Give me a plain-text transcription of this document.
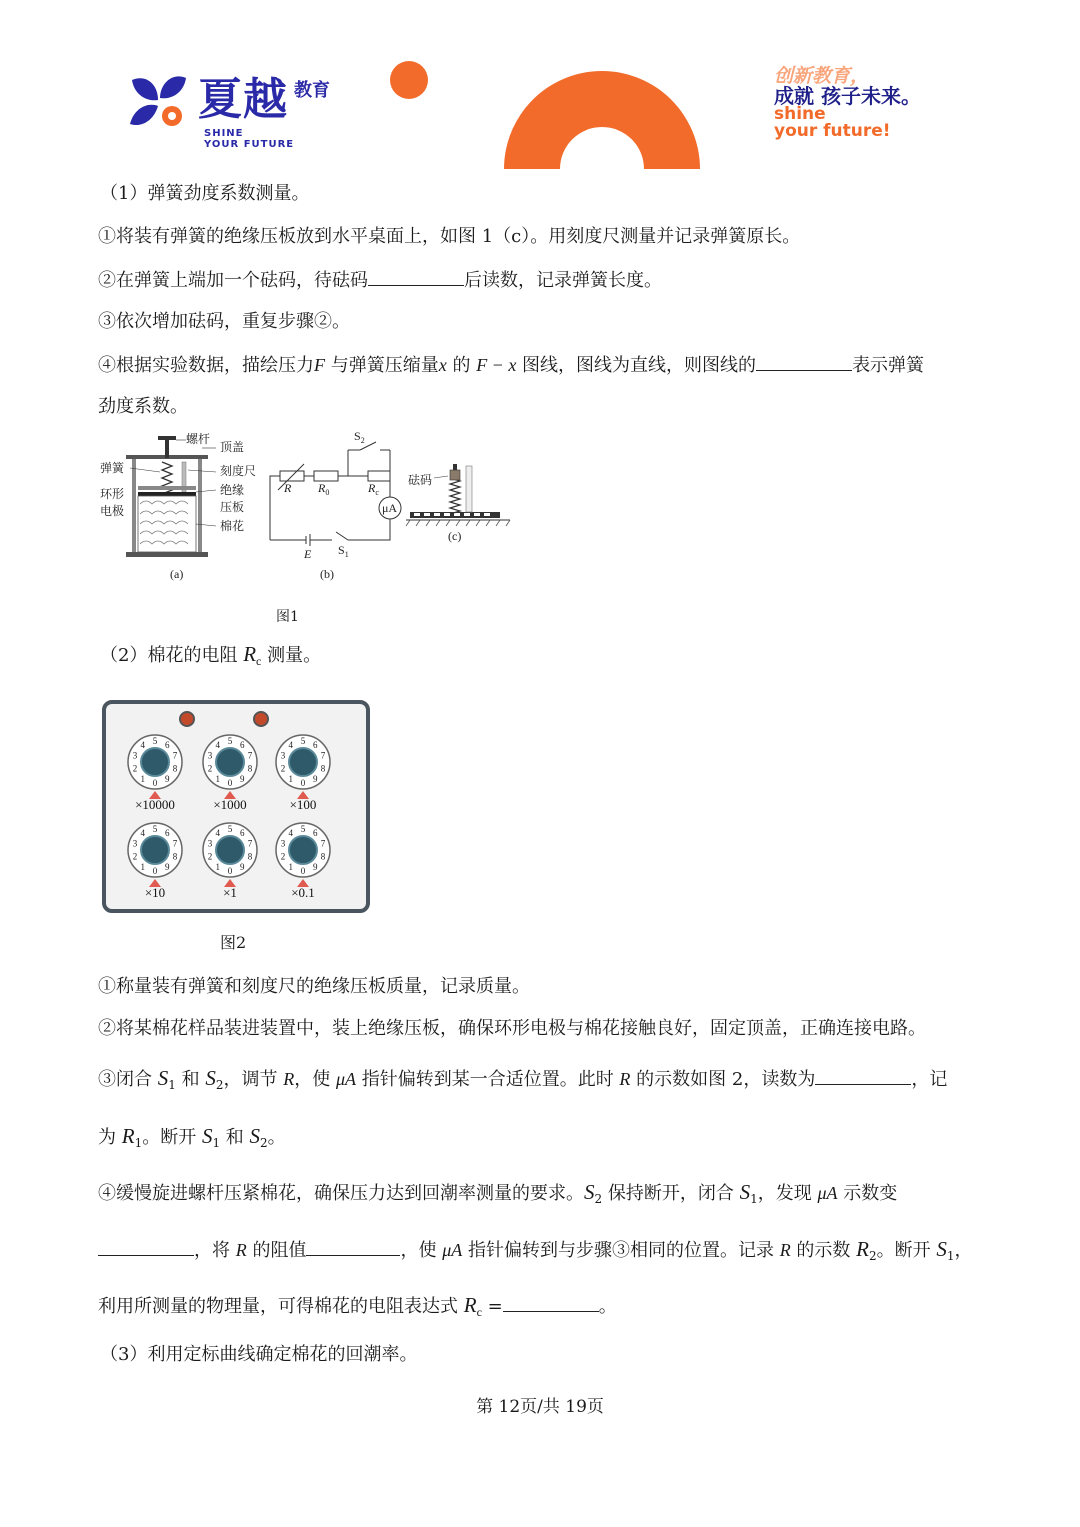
夏越 教育
SHINE
YOUR FUTURE
创新教育，
成就 孩子未来。
shine
your future!
（1）弹簧劲度系数测量。
①将装有弹簧的绝缘压板放到水平桌面上，如图 1（c）。用刻度尺测量并记录弹簧原长。
②在弹簧上端加一个砝码，待砝码	后读数，记录弹簧长度。
③依次增加砝码，重复步骤②。
④根据实验数据，描绘压力F 与弹簧压缩量x 的 F − x 图线，图线为直线，则图线的	表示弹簧
劲度系数。
螺杆
顶盖
弹簧	刻度尺
环形
电极
绝缘
压板
棉花
(a)
$S_2$
R $R_0$	$R_c$
μA
E $S_1$
(b)
砝码
(c)
图1
（2）棉花的电阻 $R_c$ 测量。
0
1
2
3
4 5 6
7
8
9
×10000
0
1
2
3
4 5 6
7
8
9
×1000
0
1
2
3
4 5 6
7
8
9
×100
0
1
2
3
4 5 6
7
8
9
×10
0
1
2
3
4 5 6
7
8
9
×1
0
1
2
3
4 5 6
7
8
9
×0.1
图2
①称量装有弹簧和刻度尺的绝缘压板质量，记录质量。
②将某棉花样品装进装置中，装上绝缘压板，确保环形电极与棉花接触良好，固定顶盖，正确连接电路。
③闭合 $S_1$ 和 $S_2$，调节 R，使 μA 指针偏转到某一合适位置。此时 R 的示数如图 2，读数为	，记
为 $R_1$。断开 $S_1$ 和 $S_2$。
④缓慢旋进螺杆压紧棉花，确保压力达到回潮率测量的要求。$S_2$ 保持断开，闭合 $S_1$，发现 μA 示数变
，将 R 的阻值	，使 μA 指针偏转到与步骤③相同的位置。记录 R 的示数 $R_2$。断开 $S_1$，
利用所测量的物理量，可得棉花的电阻表达式 $R_c$ =	。
（3）利用定标曲线确定棉花的回潮率。
第 12页/共 19页
